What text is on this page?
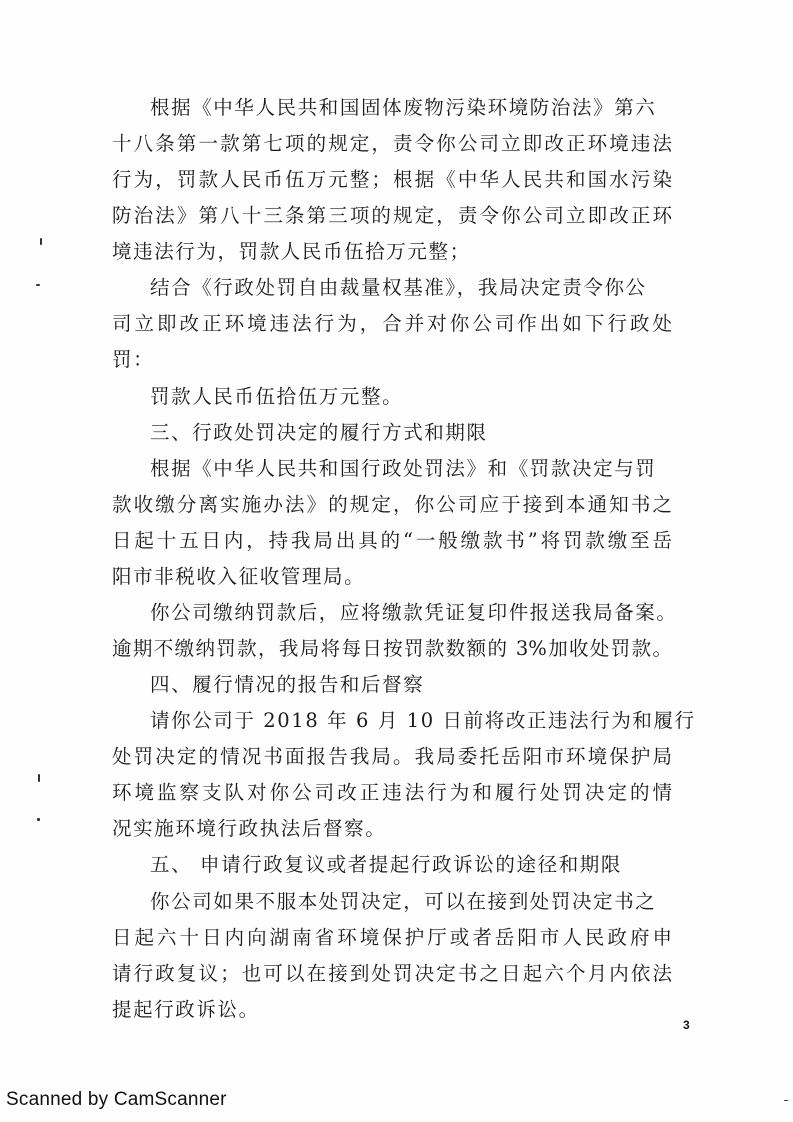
根据《中华人民共和国固体废物污染环境防治法》第六
十八条第一款第七项的规定，责令你公司立即改正环境违法
行为，罚款人民币伍万元整；根据《中华人民共和国水污染
防治法》第八十三条第三项的规定，责令你公司立即改正环
境违法行为，罚款人民币伍拾万元整；
结合《行政处罚自由裁量权基准》，我局决定责令你公
司立即改正环境违法行为，合并对你公司作出如下行政处
罚：
罚款人民币伍拾伍万元整。
三、行政处罚决定的履行方式和期限
根据《中华人民共和国行政处罚法》和《罚款决定与罚
款收缴分离实施办法》的规定，你公司应于接到本通知书之
日起十五日内，持我局出具的“一般缴款书”将罚款缴至岳
阳市非税收入征收管理局。
你公司缴纳罚款后，应将缴款凭证复印件报送我局备案。
逾期不缴纳罚款，我局将每日按罚款数额的 3%加收处罚款。
四、履行情况的报告和后督察
请你公司于 2018 年 6 月 10 日前将改正违法行为和履行
处罚决定的情况书面报告我局。我局委托岳阳市环境保护局
环境监察支队对你公司改正违法行为和履行处罚决定的情
况实施环境行政执法后督察。
五、 申请行政复议或者提起行政诉讼的途径和期限
你公司如果不服本处罚决定，可以在接到处罚决定书之
日起六十日内向湖南省环境保护厅或者岳阳市人民政府申
请行政复议；也可以在接到处罚决定书之日起六个月内依法
提起行政诉讼。
3
Scanned by CamScanner
